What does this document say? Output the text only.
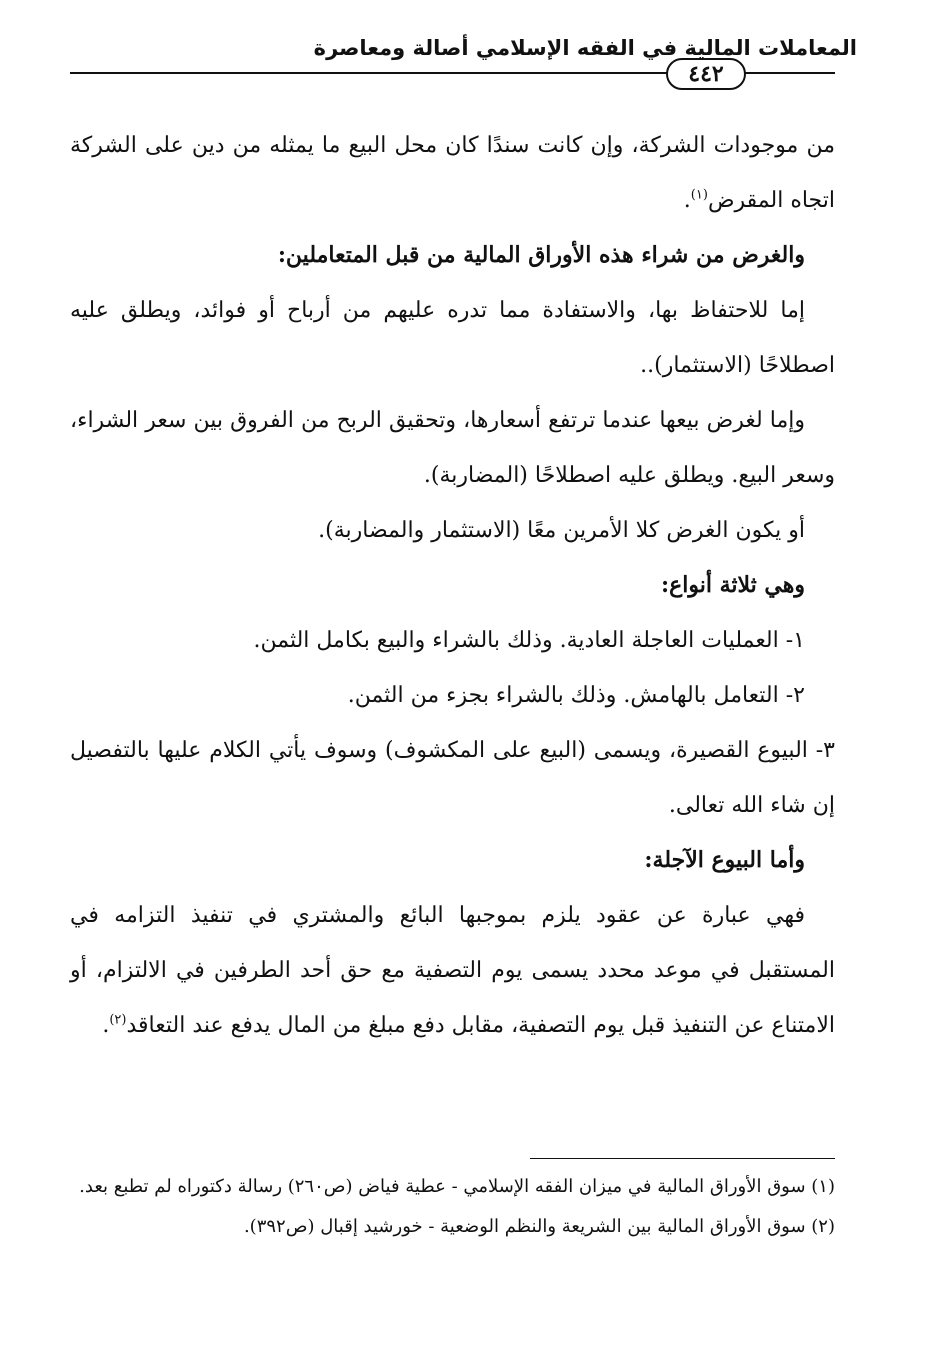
المعاملات المالية في الفقه الإسلامي أصالة ومعاصرة
٤٤٢

من موجودات الشركة، وإن كانت سندًا كان محل البيع ما يمثله من دين على الشركة اتجاه المقرض$^{(١)}$.

والغرض من شراء هذه الأوراق المالية من قبل المتعاملين:

إما للاحتفاظ بها، والاستفادة مما تدره عليهم من أرباح أو فوائد، ويطلق عليه اصطلاحًا (الاستثمار)..

وإما لغرض بيعها عندما ترتفع أسعارها، وتحقيق الربح من الفروق بين سعر الشراء، وسعر البيع. ويطلق عليه اصطلاحًا (المضاربة).

أو يكون الغرض كلا الأمرين معًا (الاستثمار والمضاربة).

وهي ثلاثة أنواع:

١- العمليات العاجلة العادية. وذلك بالشراء والبيع بكامل الثمن.

٢- التعامل بالهامش. وذلك بالشراء بجزء من الثمن.

٣- البيوع القصيرة، ويسمى (البيع على المكشوف) وسوف يأتي الكلام عليها بالتفصيل إن شاء الله تعالى.

وأما البيوع الآجلة:

فهي عبارة عن عقود يلزم بموجبها البائع والمشتري في تنفيذ التزامه في المستقبل في موعد محدد يسمى يوم التصفية مع حق أحد الطرفين في الالتزام، أو الامتناع عن التنفيذ قبل يوم التصفية، مقابل دفع مبلغ من المال يدفع عند التعاقد$^{(٢)}$.

(١) سوق الأوراق المالية في ميزان الفقه الإسلامي - عطية فياض (ص٢٦٠) رسالة دكتوراه لم تطبع بعد.

(٢) سوق الأوراق المالية بين الشريعة والنظم الوضعية - خورشيد إقبال (ص٣٩٢).
